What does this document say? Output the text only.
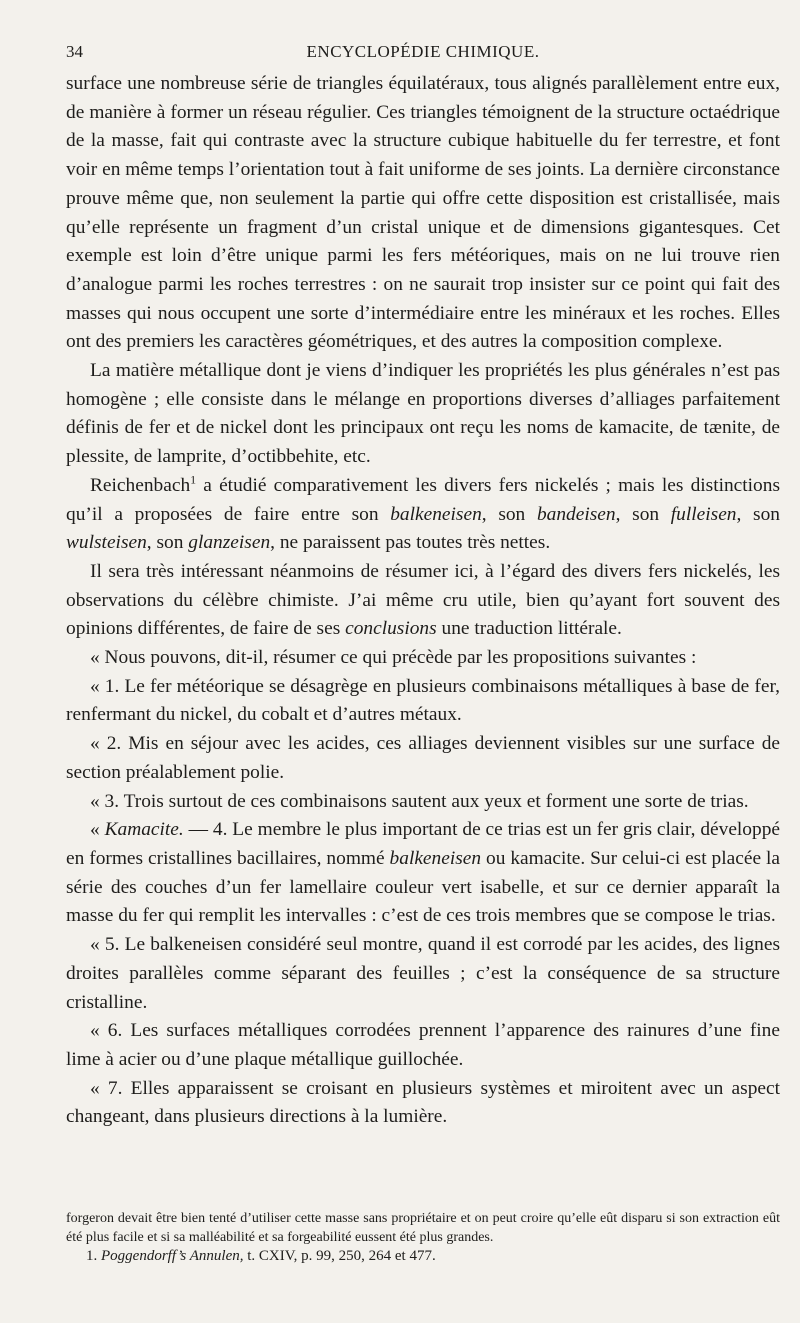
34	ENCYCLOPÉDIE CHIMIQUE.

surface une nombreuse série de triangles équilatéraux, tous alignés parallèlement entre eux, de manière à former un réseau régulier. Ces triangles témoignent de la structure octaédrique de la masse, fait qui contraste avec la structure cubique habituelle du fer terrestre, et font voir en même temps l’orientation tout à fait uniforme de ses joints. La dernière circonstance prouve même que, non seulement la partie qui offre cette disposition est cristallisée, mais qu’elle représente un fragment d’un cristal unique et de dimensions gigantesques. Cet exemple est loin d’être unique parmi les fers météoriques, mais on ne lui trouve rien d’analogue parmi les roches terrestres : on ne saurait trop insister sur ce point qui fait des masses qui nous occupent une sorte d’intermédiaire entre les minéraux et les roches. Elles ont des premiers les caractères géométriques, et des autres la composition complexe.

La matière métallique dont je viens d’indiquer les propriétés les plus générales n’est pas homogène ; elle consiste dans le mélange en proportions diverses d’alliages parfaitement définis de fer et de nickel dont les principaux ont reçu les noms de kamacite, de tænite, de plessite, de lamprite, d’octibbehite, etc.

Reichenbach$^1$ a étudié comparativement les divers fers nickelés ; mais les distinctions qu’il a proposées de faire entre son balkeneisen, son bandeisen, son fulleisen, son wulsteisen, son glanzeisen, ne paraissent pas toutes très nettes.

Il sera très intéressant néanmoins de résumer ici, à l’égard des divers fers nickelés, les observations du célèbre chimiste. J’ai même cru utile, bien qu’ayant fort souvent des opinions différentes, de faire de ses conclusions une traduction littérale.

« Nous pouvons, dit-il, résumer ce qui précède par les propositions suivantes :

« 1. Le fer météorique se désagrège en plusieurs combinaisons métalliques à base de fer, renfermant du nickel, du cobalt et d’autres métaux.

« 2. Mis en séjour avec les acides, ces alliages deviennent visibles sur une surface de section préalablement polie.

« 3. Trois surtout de ces combinaisons sautent aux yeux et forment une sorte de trias.

« Kamacite. — 4. Le membre le plus important de ce trias est un fer gris clair, développé en formes cristallines bacillaires, nommé balkeneisen ou kamacite. Sur celui-ci est placée la série des couches d’un fer lamellaire couleur vert isabelle, et sur ce dernier apparaît la masse du fer qui remplit les intervalles : c’est de ces trois membres que se compose le trias.

« 5. Le balkeneisen considéré seul montre, quand il est corrodé par les acides, des lignes droites parallèles comme séparant des feuilles ; c’est la conséquence de sa structure cristalline.

« 6. Les surfaces métalliques corrodées prennent l’apparence des rainures d’une fine lime à acier ou d’une plaque métallique guillochée.

« 7. Elles apparaissent se croisant en plusieurs systèmes et miroitent avec un aspect changeant, dans plusieurs directions à la lumière.

forgeron devait être bien tenté d’utiliser cette masse sans propriétaire et on peut croire qu’elle eût disparu si son extraction eût été plus facile et si sa malléabilité et sa forgeabilité eussent été plus grandes.

1. Poggendorff’s Annulen, t. CXIV, p. 99, 250, 264 et 477.
